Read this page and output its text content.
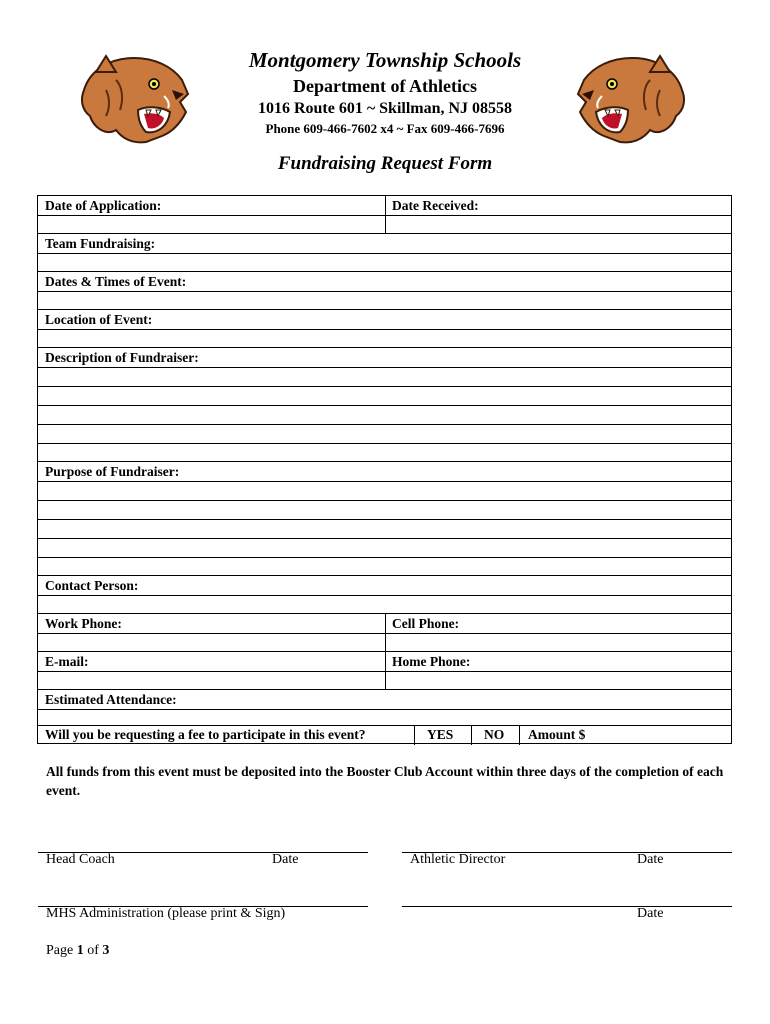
Montgomery Township Schools
Department of Athletics
1016 Route 601 ~ Skillman, NJ 08558
Phone 609-466-7602 x4 ~ Fax 609-466-7696
Fundraising Request Form
Date of Application:	Date Received:
Team Fundraising:
Dates & Times of Event:
Location of Event:
Description of Fundraiser:
Purpose of Fundraiser:
Contact Person:
Work Phone:	Cell Phone:
E-mail:	Home Phone:
Estimated Attendance:
Will you be requesting a fee to participate in this event?	YES NO Amount $
All funds from this event must be deposited into the Booster Club Account within three days of the completion of each event.
Head Coach	Date	Athletic Director	Date
MHS Administration (please print & Sign)	Date
Page 1 of 3
